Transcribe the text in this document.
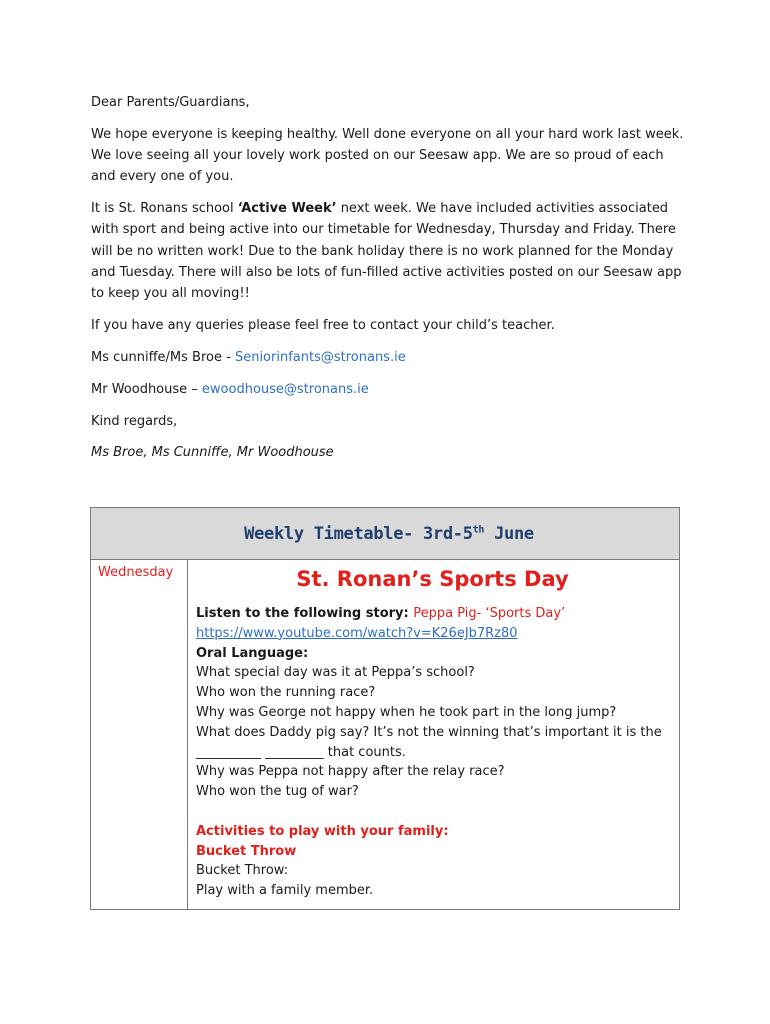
Dear Parents/Guardians,

We hope everyone is keeping healthy. Well done everyone on all your hard work last week. We love seeing all your lovely work posted on our Seesaw app. We are so proud of each and every one of you.

It is St. Ronans school ‘Active Week’ next week. We have included activities associated with sport and being active into our timetable for Wednesday, Thursday and Friday. There will be no written work! Due to the bank holiday there is no work planned for the Monday and Tuesday. There will also be lots of fun-filled active activities posted on our Seesaw app to keep you all moving!!

If you have any queries please feel free to contact your child’s teacher.

Ms cunniffe/Ms Broe - Seniorinfants@stronans.ie

Mr Woodhouse – ewoodhouse@stronans.ie

Kind regards,

Ms Broe, Ms Cunniffe, Mr Woodhouse

Weekly Timetable- 3rd-5th June
Wednesday	St. Ronan’s Sports Day
Listen to the following story: Peppa Pig- ‘Sports Day’
https://www.youtube.com/watch?v=K26eJb7Rz80
Oral Language:
What special day was it at Peppa’s school?
Who won the running race?
Why was George not happy when he took part in the long jump?
What does Daddy pig say? It’s not the winning that’s important it is the __________ _________ that counts.
Why was Peppa not happy after the relay race?
Who won the tug of war?
Activities to play with your family:
Bucket Throw
Bucket Throw:
Play with a family member.
